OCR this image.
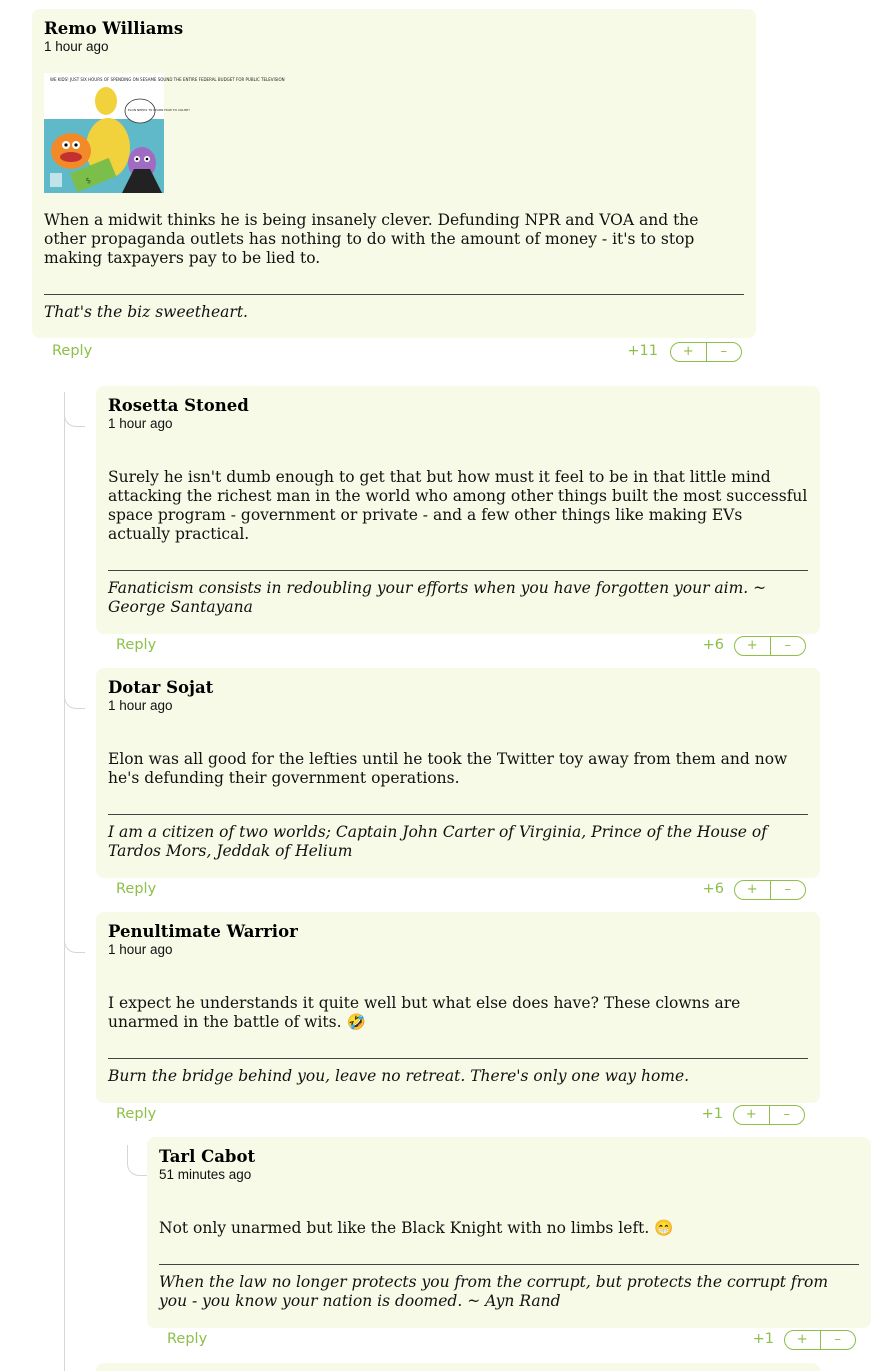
Remo Williams
1 hour ago
WE KIDS! JUST SIX HOURS OF SPENDING ON SESAME SOUND THE ENTIRE FEDERAL BUDGET FOR PUBLIC TELEVISION
ELON NEEDS TO LEARN HOW TO COUNT!
$
When a midwit thinks he is being insanely clever. Defunding NPR and VOA and the other propaganda outlets has nothing to do with the amount of money - it's to stop making taxpayers pay to be lied to.
That's the biz sweetheart.
Reply	+11	+	–
Rosetta Stoned
1 hour ago
Surely he isn't dumb enough to get that but how must it feel to be in that little mind attacking the richest man in the world who among other things built the most successful space program - government or private - and a few other things like making EVs actually practical.
Fanaticism consists in redoubling your efforts when you have forgotten your aim. ~ George Santayana
Reply	+6	+	–
Dotar Sojat
1 hour ago
Elon was all good for the lefties until he took the Twitter toy away from them and now he's defunding their government operations.
I am a citizen of two worlds; Captain John Carter of Virginia, Prince of the House of Tardos Mors, Jeddak of Helium
Reply	+6	+	–
Penultimate Warrior
1 hour ago
I expect he understands it quite well but what else does have? These clowns are unarmed in the battle of wits. 🤣
Burn the bridge behind you, leave no retreat. There's only one way home.
Reply	+1	+	–
Tarl Cabot
51 minutes ago
Not only unarmed but like the Black Knight with no limbs left. 😁
When the law no longer protects you from the corrupt, but protects the corrupt from you - you know your nation is doomed. ~ Ayn Rand
Reply	+1	+	–
